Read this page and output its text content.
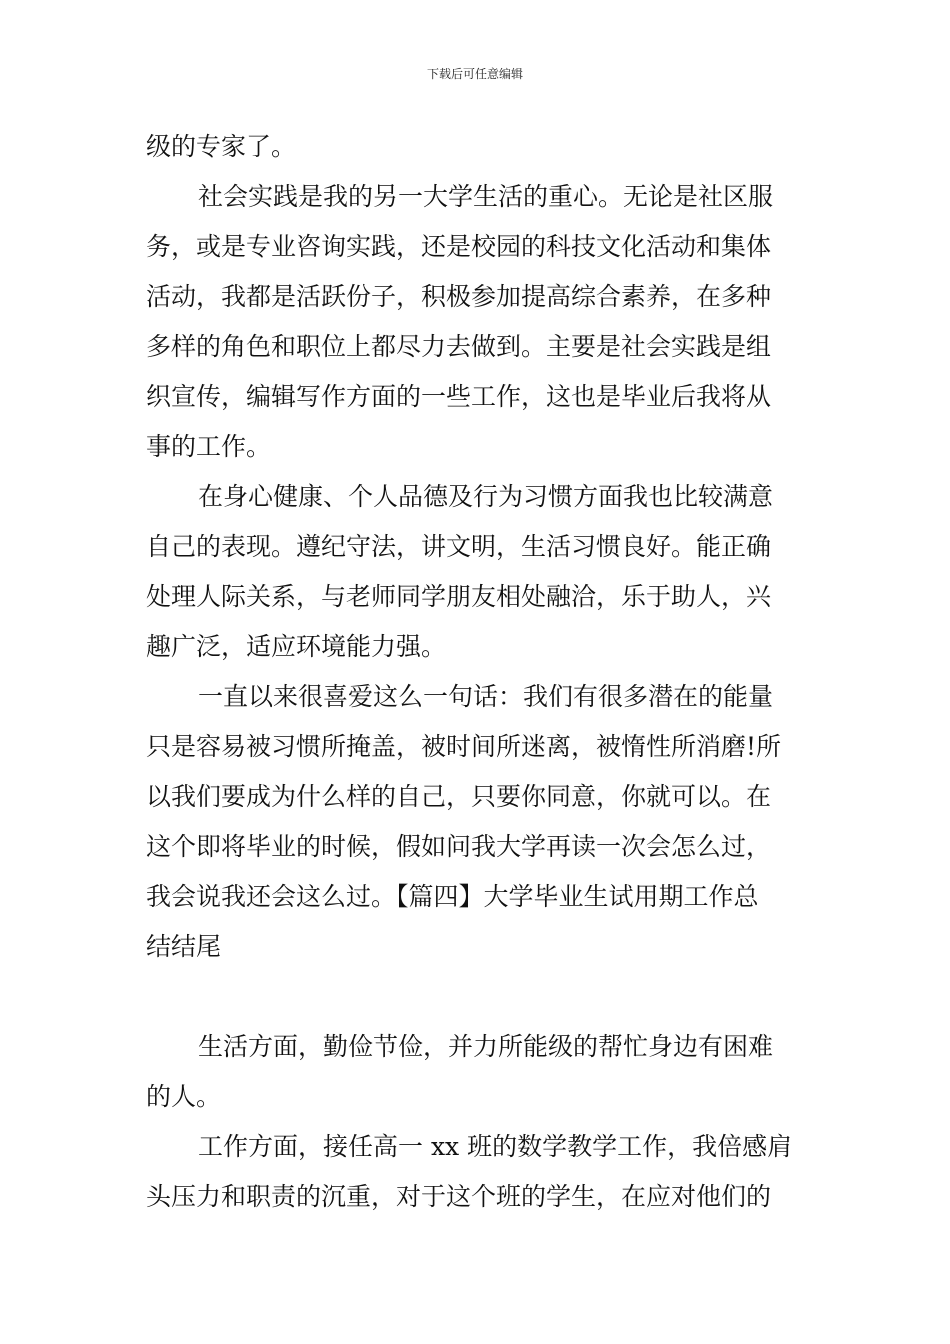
下载后可任意编辑
级的专家了。
社会实践是我的另一大学生活的重心。无论是社区服
务，或是专业咨询实践，还是校园的科技文化活动和集体
活动，我都是活跃份子，积极参加提高综合素养，在多种
多样的角色和职位上都尽力去做到。主要是社会实践是组
织宣传，编辑写作方面的一些工作，这也是毕业后我将从
事的工作。
在身心健康、个人品德及行为习惯方面我也比较满意
自己的表现。遵纪守法，讲文明，生活习惯良好。能正确
处理人际关系，与老师同学朋友相处融洽，乐于助人，兴
趣广泛，适应环境能力强。
一直以来很喜爱这么一句话：我们有很多潜在的能量
只是容易被习惯所掩盖，被时间所迷离，被惰性所消磨!所
以我们要成为什么样的自己，只要你同意，你就可以。在
这个即将毕业的时候，假如问我大学再读一次会怎么过，
我会说我还会这么过。【篇四】大学毕业生试用期工作总
结结尾
生活方面，勤俭节俭，并力所能级的帮忙身边有困难
的人。
工作方面，接任高一 xx 班的数学教学工作，我倍感肩
头压力和职责的沉重，对于这个班的学生，在应对他们的
